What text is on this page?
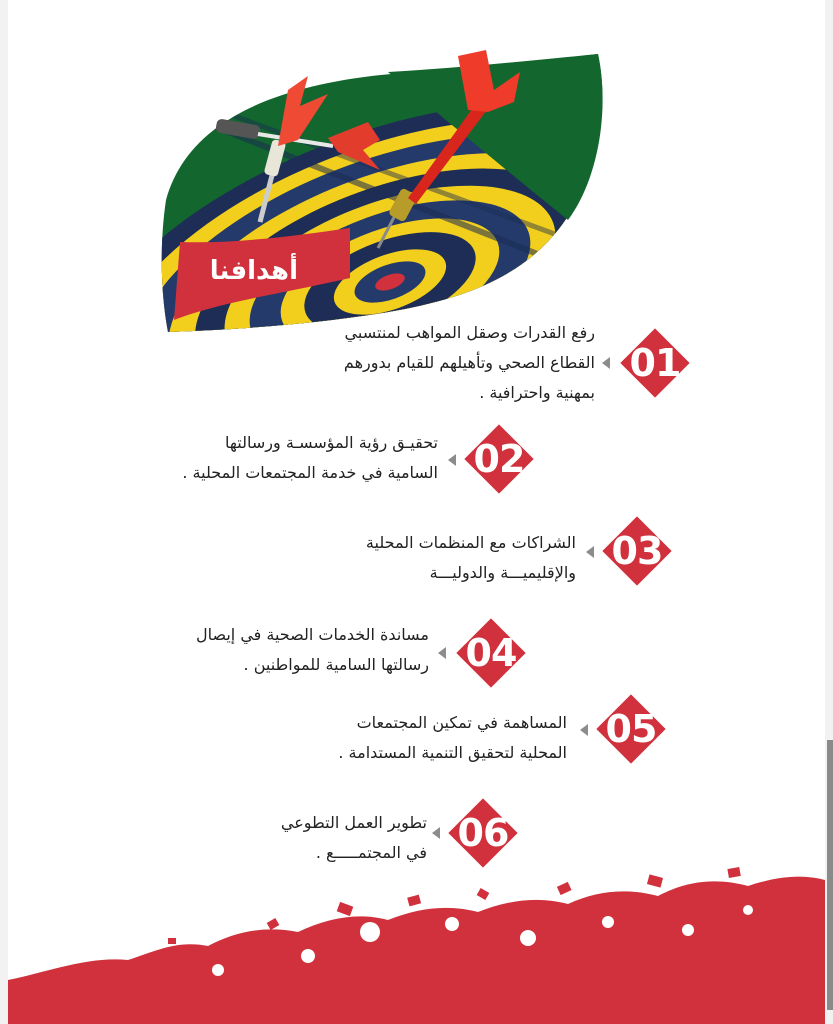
أهدافنا
01
رفع القدرات وصقل المواهب لمنتسبي
القطاع الصحي وتأهيلهم للقيام بدورهم
بمهنية واحترافية .
02
تحقيـق رؤية المؤسسـة ورسالتها
السامية في خدمة المجتمعات المحلية .
03
الشراكات مع المنظمات المحلية
والإقليميـــة والدوليـــة
04
مساندة الخدمات الصحية في إيصال
رسالتها السامية للمواطنين .
05
المساهمة في تمكين المجتمعات
المحلية لتحقيق التنمية المستدامة .
06
تطوير العمل التطوعي
في المجتمـــــع .
